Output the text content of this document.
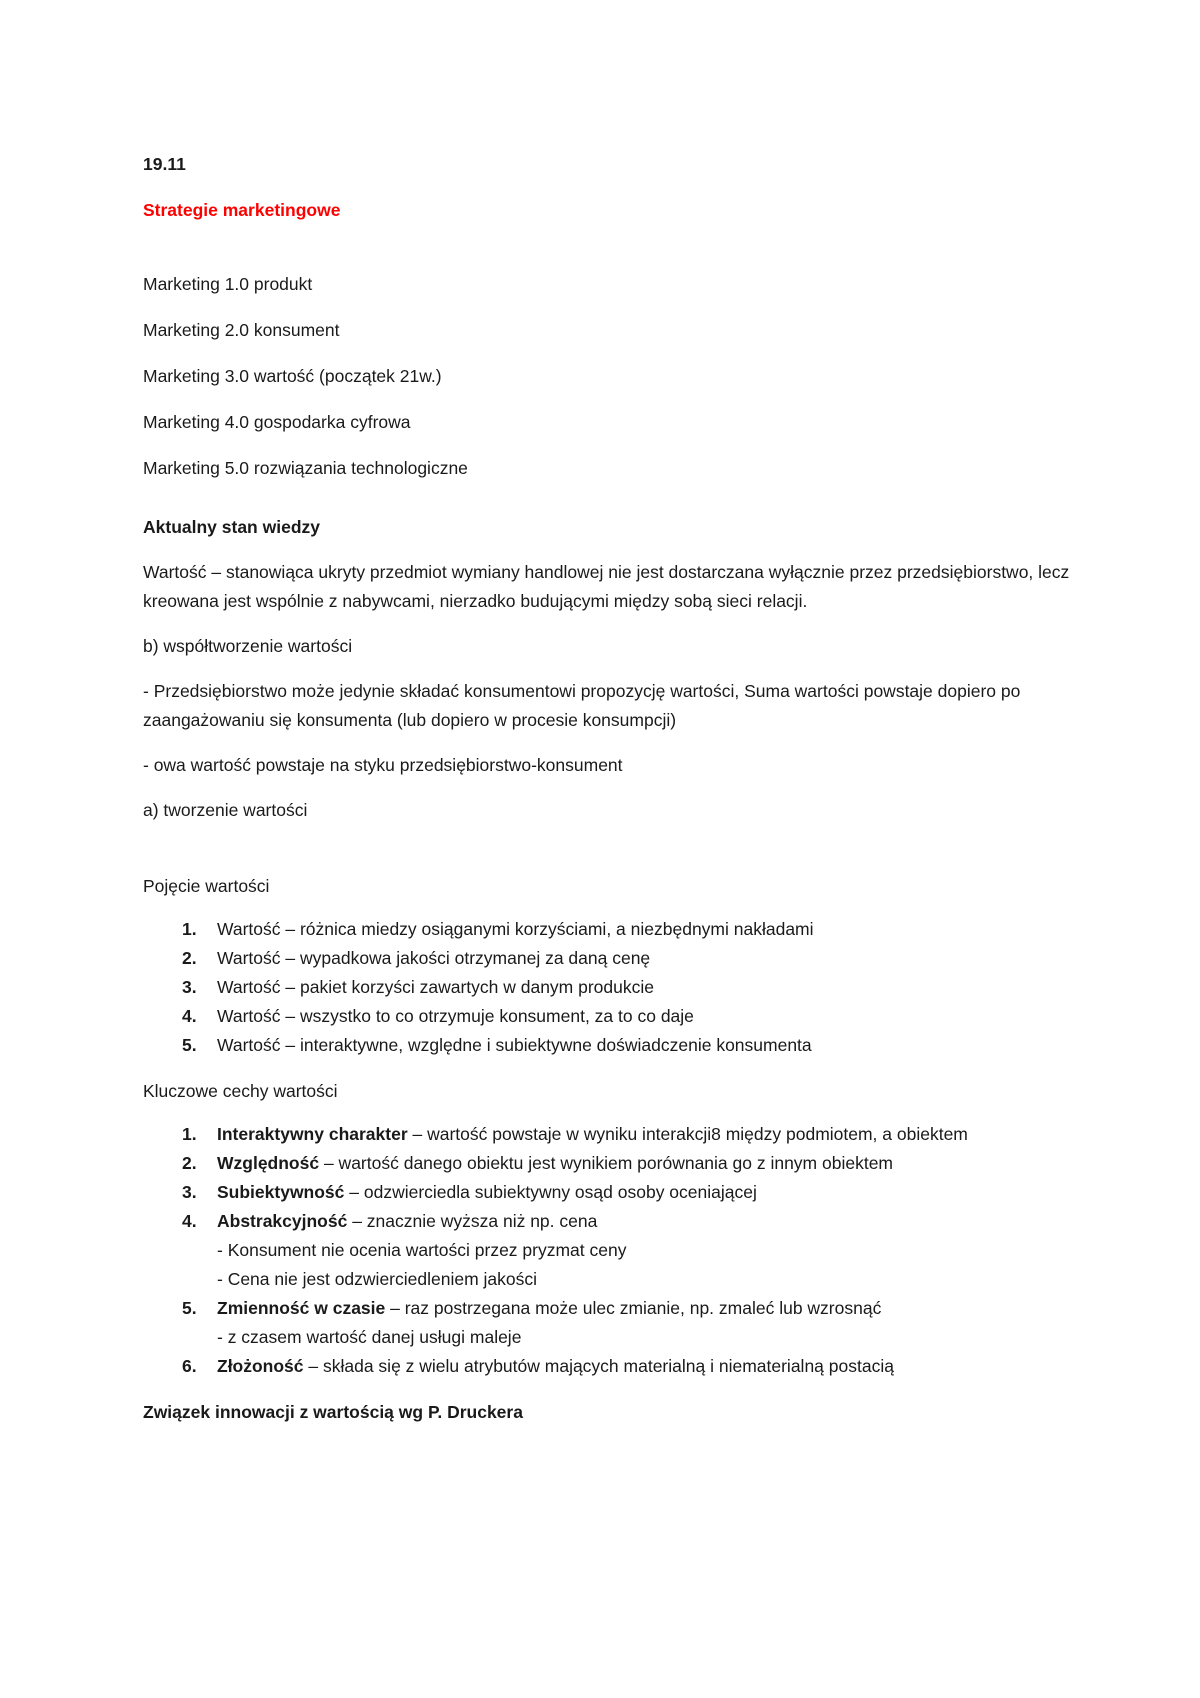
19.11

Strategie marketingowe

Marketing 1.0 produkt

Marketing 2.0 konsument

Marketing 3.0 wartość (początek 21w.)

Marketing 4.0 gospodarka cyfrowa

Marketing 5.0 rozwiązania technologiczne

Aktualny stan wiedzy

Wartość – stanowiąca ukryty przedmiot wymiany handlowej nie jest dostarczana wyłącznie przez przedsiębiorstwo, lecz kreowana jest wspólnie z nabywcami, nierzadko budującymi między sobą sieci relacji.

b) współtworzenie wartości

- Przedsiębiorstwo może jedynie składać konsumentowi propozycję wartości, Suma wartości powstaje dopiero po zaangażowaniu się konsumenta (lub dopiero w procesie konsumpcji)

- owa wartość powstaje na styku przedsiębiorstwo-konsument

a) tworzenie wartości

Pojęcie wartości

1. Wartość – różnica miedzy osiąganymi korzyściami, a niezbędnymi nakładami
2. Wartość – wypadkowa jakości otrzymanej za daną cenę
3. Wartość – pakiet korzyści zawartych w danym produkcie
4. Wartość – wszystko to co otrzymuje konsument, za to co daje
5. Wartość – interaktywne, względne i subiektywne doświadczenie konsumenta

Kluczowe cechy wartości

1. Interaktywny charakter – wartość powstaje w wyniku interakcji8 między podmiotem, a obiektem
2. Względność – wartość danego obiektu jest wynikiem porównania go z innym obiektem
3. Subiektywność – odzwierciedla subiektywny osąd osoby oceniającej
4. Abstrakcyjność – znacznie wyższa niż np. cena
- Konsument nie ocenia wartości przez pryzmat ceny
- Cena nie jest odzwierciedleniem jakości
5. Zmienność w czasie – raz postrzegana może ulec zmianie, np. zmaleć lub wzrosnąć
- z czasem wartość danej usługi maleje
6. Złożoność – składa się z wielu atrybutów mających materialną i niematerialną postacią

Związek innowacji z wartością wg P. Druckera
